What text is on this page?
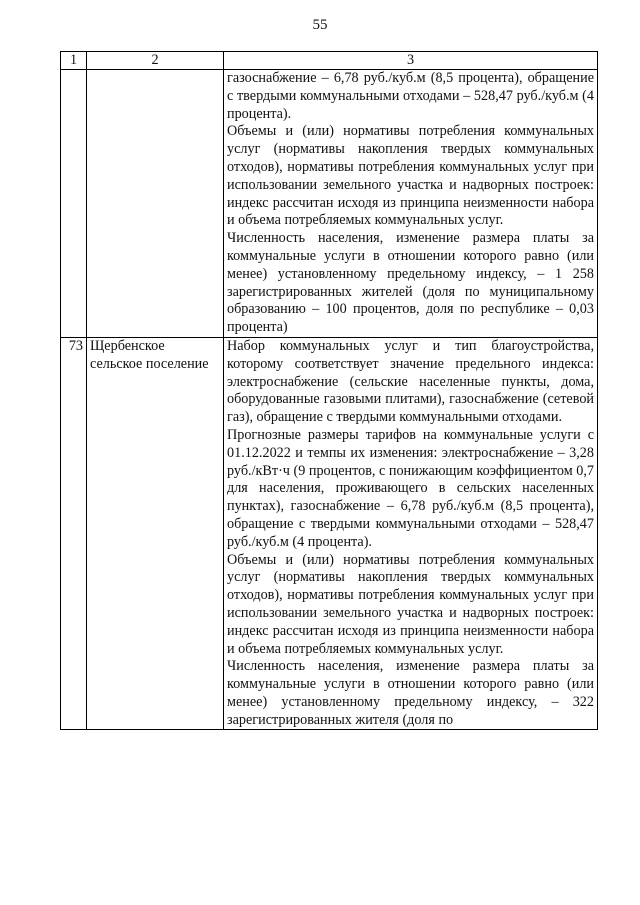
55
1	2	3

		газоснабжение – 6,78 руб./куб.м (8,5 процента), обращение с твердыми коммунальными отходами – 528,47 руб./куб.м (4 процента).

Объемы и (или) нормативы потребления коммунальных услуг (нормативы накопления твердых коммунальных отходов), нормативы потребления коммунальных услуг при использовании земельного участка и надворных построек: индекс рассчитан исходя из принципа неизменности набора и объема потребляемых коммунальных услуг.

Численность населения, изменение размера платы за коммунальные услуги в отношении которого равно (или менее) установленному предельному индексу, – 1 258 зарегистрированных жителей (доля по муниципальному образованию – 100 процентов, доля по республике – 0,03 процента)

73	Щербенское сельское поселение	Набор коммунальных услуг и тип благоустройства, которому соответствует значение предельного индекса: электроснабжение (сельские населенные пункты, дома, оборудованные газовыми плитами), газоснабжение (сетевой газ), обращение с твердыми коммунальными отходами.

Прогнозные размеры тарифов на коммунальные услуги с 01.12.2022 и темпы их изменения: электроснабжение – 3,28 руб./кВт·ч (9 процентов, с понижающим коэффициентом 0,7 для населения, проживающего в сельских населенных пунктах), газоснабжение – 6,78 руб./куб.м (8,5 процента), обращение с твердыми коммунальными отходами – 528,47 руб./куб.м (4 процента).

Объемы и (или) нормативы потребления коммунальных услуг (нормативы накопления твердых коммунальных отходов), нормативы потребления коммунальных услуг при использовании земельного участка и надворных построек: индекс рассчитан исходя из принципа неизменности набора и объема потребляемых коммунальных услуг.

Численность населения, изменение размера платы за коммунальные услуги в отношении которого равно (или менее) установленному предельному индексу, – 322 зарегистрированных жителя (доля по
